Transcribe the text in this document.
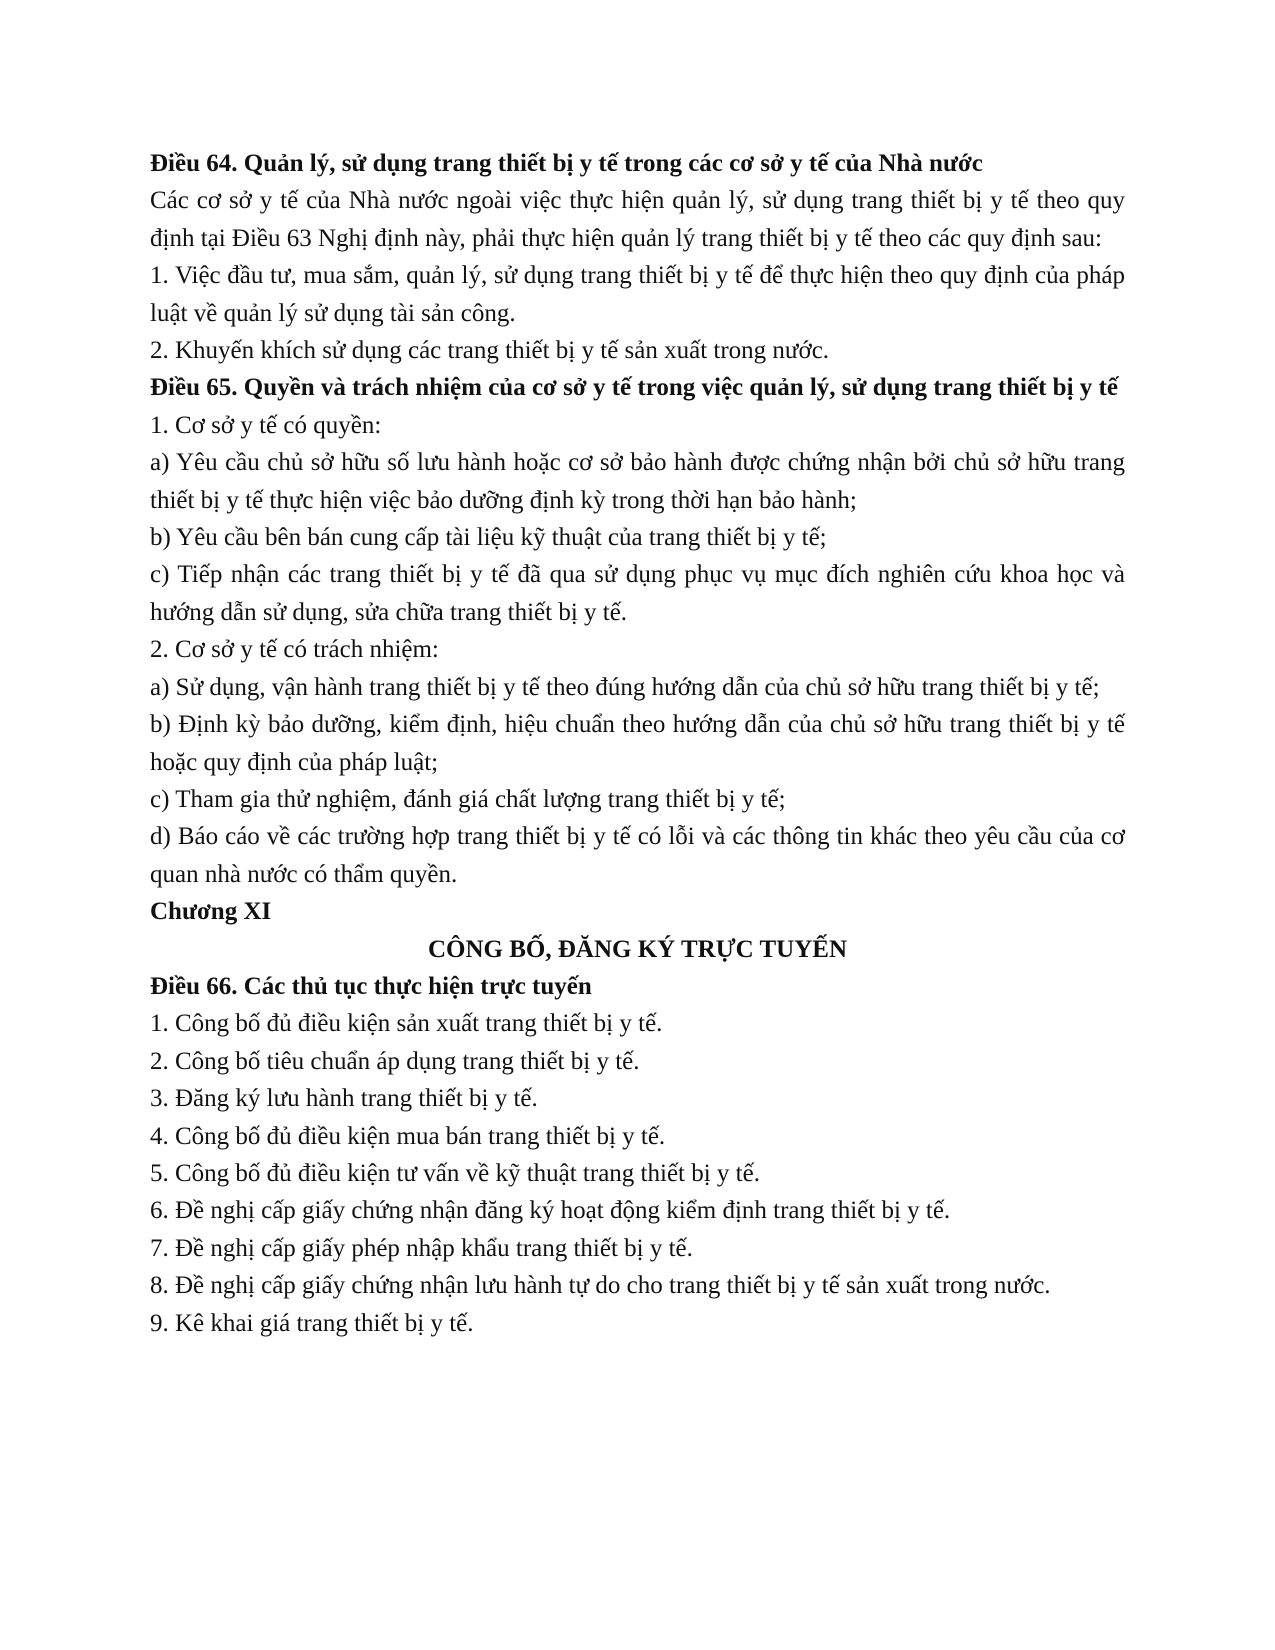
Điều 64. Quản lý, sử dụng trang thiết bị y tế trong các cơ sở y tế của Nhà nước

Các cơ sở y tế của Nhà nước ngoài việc thực hiện quản lý, sử dụng trang thiết bị y tế theo quy định tại Điều 63 Nghị định này, phải thực hiện quản lý trang thiết bị y tế theo các quy định sau:

1. Việc đầu tư, mua sắm, quản lý, sử dụng trang thiết bị y tế để thực hiện theo quy định của pháp luật về quản lý sử dụng tài sản công.

2. Khuyến khích sử dụng các trang thiết bị y tế sản xuất trong nước.

Điều 65. Quyền và trách nhiệm của cơ sở y tế trong việc quản lý, sử dụng trang thiết bị y tế

1. Cơ sở y tế có quyền:

a) Yêu cầu chủ sở hữu số lưu hành hoặc cơ sở bảo hành được chứng nhận bởi chủ sở hữu trang thiết bị y tế thực hiện việc bảo dưỡng định kỳ trong thời hạn bảo hành;

b) Yêu cầu bên bán cung cấp tài liệu kỹ thuật của trang thiết bị y tế;

c) Tiếp nhận các trang thiết bị y tế đã qua sử dụng phục vụ mục đích nghiên cứu khoa học và hướng dẫn sử dụng, sửa chữa trang thiết bị y tế.

2. Cơ sở y tế có trách nhiệm:

a) Sử dụng, vận hành trang thiết bị y tế theo đúng hướng dẫn của chủ sở hữu trang thiết bị y tế;

b) Định kỳ bảo dưỡng, kiểm định, hiệu chuẩn theo hướng dẫn của chủ sở hữu trang thiết bị y tế hoặc quy định của pháp luật;

c) Tham gia thử nghiệm, đánh giá chất lượng trang thiết bị y tế;

d) Báo cáo về các trường hợp trang thiết bị y tế có lỗi và các thông tin khác theo yêu cầu của cơ quan nhà nước có thẩm quyền.

Chương XI

CÔNG BỐ, ĐĂNG KÝ TRỰC TUYẾN

Điều 66. Các thủ tục thực hiện trực tuyến

1. Công bố đủ điều kiện sản xuất trang thiết bị y tế.

2. Công bố tiêu chuẩn áp dụng trang thiết bị y tế.

3. Đăng ký lưu hành trang thiết bị y tế.

4. Công bố đủ điều kiện mua bán trang thiết bị y tế.

5. Công bố đủ điều kiện tư vấn về kỹ thuật trang thiết bị y tế.

6. Đề nghị cấp giấy chứng nhận đăng ký hoạt động kiểm định trang thiết bị y tế.

7. Đề nghị cấp giấy phép nhập khẩu trang thiết bị y tế.

8. Đề nghị cấp giấy chứng nhận lưu hành tự do cho trang thiết bị y tế sản xuất trong nước.

9. Kê khai giá trang thiết bị y tế.
